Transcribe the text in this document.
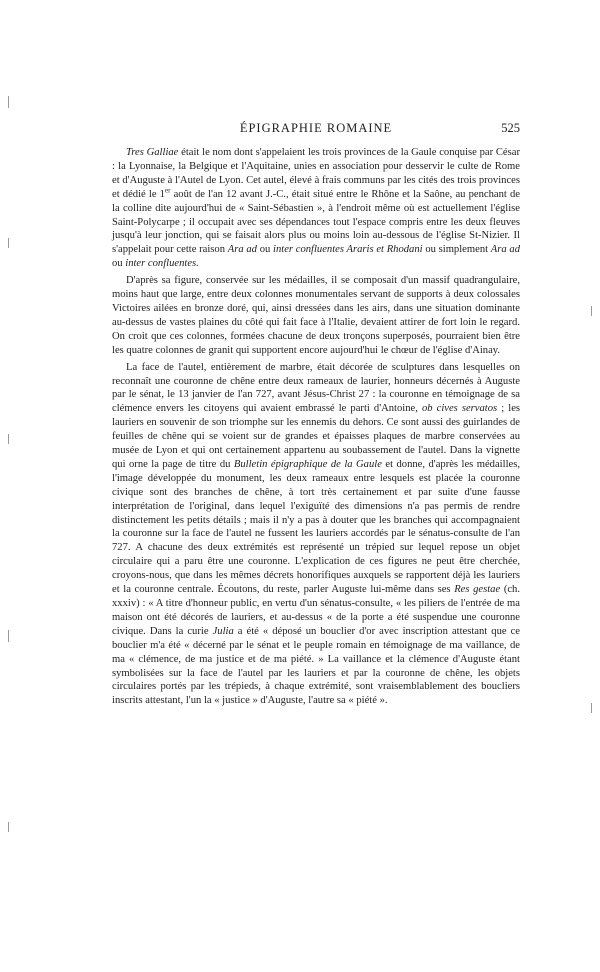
ÉPIGRAPHIE ROMAINE	525

Tres Galliae était le nom dont s'appelaient les trois provinces de la Gaule conquise par César : la Lyonnaise, la Belgique et l'Aquitaine, unies en association pour desservir le culte de Rome et d'Auguste à l'Autel de Lyon. Cet autel, élevé à frais communs par les cités des trois provinces et dédié le 1er août de l'an 12 avant J.-C., était situé entre le Rhône et la Saône, au penchant de la colline dite aujourd'hui de « Saint-Sébastien », à l'endroit même où est actuellement l'église Saint-Polycarpe ; il occupait avec ses dépendances tout l'espace compris entre les deux fleuves jusqu'à leur jonction, qui se faisait alors plus ou moins loin au-dessous de l'église St-Nizier. Il s'appelait pour cette raison Ara ad ou inter confluentes Araris et Rhodani ou simplement Ara ad ou inter confluentes.

D'après sa figure, conservée sur les médailles, il se composait d'un massif quadrangulaire, moins haut que large, entre deux colonnes monumentales servant de supports à deux colossales Victoires ailées en bronze doré, qui, ainsi dressées dans les airs, dans une situation dominante au-dessus de vastes plaines du côté qui fait face à l'Italie, devaient attirer de fort loin le regard. On croit que ces colonnes, formées chacune de deux tronçons superposés, pourraient bien être les quatre colonnes de granit qui supportent encore aujourd'hui le chœur de l'église d'Ainay.

La face de l'autel, entièrement de marbre, était décorée de sculptures dans lesquelles on reconnaît une couronne de chêne entre deux rameaux de laurier, honneurs décernés à Auguste par le sénat, le 13 janvier de l'an 727, avant Jésus-Christ 27 : la couronne en témoignage de sa clémence envers les citoyens qui avaient embrassé le parti d'Antoine, ob cives servatos ; les lauriers en souvenir de son triomphe sur les ennemis du dehors. Ce sont aussi des guirlandes de feuilles de chêne qui se voient sur de grandes et épaisses plaques de marbre conservées au musée de Lyon et qui ont certainement appartenu au soubassement de l'autel. Dans la vignette qui orne la page de titre du Bulletin épigraphique de la Gaule et donne, d'après les médailles, l'image développée du monument, les deux rameaux entre lesquels est placée la couronne civique sont des branches de chêne, à tort très certainement et par suite d'une fausse interprétation de l'original, dans lequel l'exiguïté des dimensions n'a pas permis de rendre distinctement les petits détails ; mais il n'y a pas à douter que les branches qui accompagnaient la couronne sur la face de l'autel ne fussent les lauriers accordés par le sénatus-consulte de l'an 727. A chacune des deux extrémités est représenté un trépied sur lequel repose un objet circulaire qui a paru être une couronne. L'explication de ces figures ne peut être cherchée, croyons-nous, que dans les mêmes décrets honorifiques auxquels se rapportent déjà les lauriers et la couronne centrale. Écoutons, du reste, parler Auguste lui-même dans ses Res gestae (ch. xxxiv) : « A titre d'honneur public, en vertu d'un sénatus-consulte, « les piliers de l'entrée de ma maison ont été décorés de lauriers, et au-dessus « de la porte a été suspendue une couronne civique. Dans la curie Julia a été « déposé un bouclier d'or avec inscription attestant que ce bouclier m'a été « décerné par le sénat et le peuple romain en témoignage de ma vaillance, de ma « clémence, de ma justice et de ma piété. » La vaillance et la clémence d'Auguste étant symbolisées sur la face de l'autel par les lauriers et par la couronne de chêne, les objets circulaires portés par les trépieds, à chaque extrémité, sont vraisemblablement des boucliers inscrits attestant, l'un la « justice » d'Auguste, l'autre sa « piété ».
